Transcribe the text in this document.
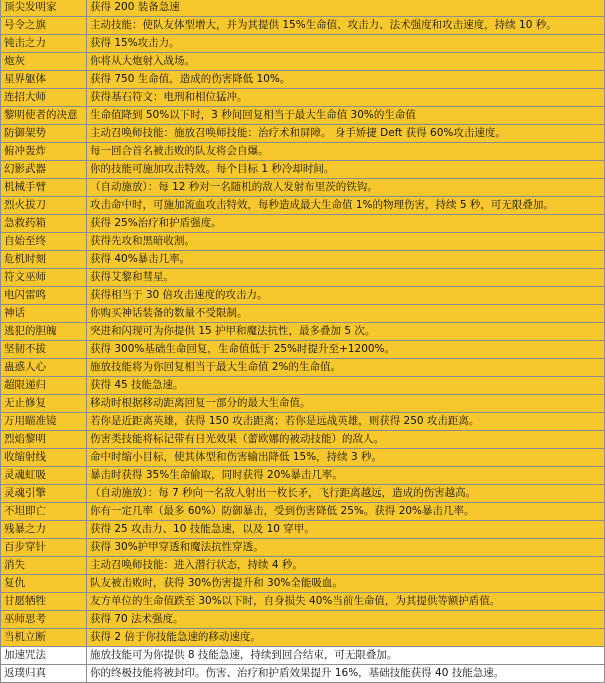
顶尖发明家	获得 200 装备急速
号令之旗	主动技能：使队友体型增大，并为其提供 15%生命值、攻击力、法术强度和攻击速度，持续 10 秒。
钝击之力	获得 15%攻击力。
炮灰	你将从大炮射入战场。
星界躯体	获得 750 生命值，造成的伤害降低 10%。
连招大师	获得基石符文：电刑和相位猛冲。
黎明使者的决意	生命值降到 50%以下时，3 秒间回复相当于最大生命值 30%的生命值
防御架势	主动召唤师技能：施放召唤师技能：治疗术和屏障。 身手矫捷 Deft 获得 60%攻击速度。
俯冲轰炸	每一回合首名被击败的队友将会自爆。
幻影武器	你的技能可施加攻击特效。每个目标 1 秒冷却时间。
机械手臂	（自动施放）：每 12 秒对一名随机的敌人发射布里茨的铁钩。
烈火拔刀	攻击命中时，可施加流血攻击特效，每秒造成最大生命值 1%的物理伤害，持续 5 秒，可无限叠加。
急救药箱	获得 25%治疗和护盾强度。
自始至终	获得先攻和黑暗收割。
危机时刻	获得 40%暴击几率。
符文巫师	获得艾黎和彗星。
电闪雷鸣	获得相当于 30 倍攻击速度的攻击力。
神话	你购买神话装备的数量不受限制。
逃犯的胆魄	突进和闪现可为你提供 15 护甲和魔法抗性，最多叠加 5 次。
坚韧不拔	获得 300%基础生命回复，生命值低于 25%时提升至+1200%。
蛊惑人心	施放技能将为你回复相当于最大生命值 2%的生命值。
超限递归	获得 45 技能急速。
无止修复	移动时根据移动距离回复一部分的最大生命值。
万用瞄准镜	若你是近距离英雄，获得 150 攻击距离；若你是远战英雄，则获得 250 攻击距离。
烈焰黎明	伤害类技能将标记带有日光效果（蕾欧娜的被动技能）的敌人。
收缩射线	命中时缩小目标，使其体型和伤害输出降低 15%，持续 3 秒。
灵魂虹吸	暴击时获得 35%生命偷取，同时获得 20%暴击几率。
灵魂引擎	（自动施放）：每 7 秒向一名敌人射出一枚长矛，飞行距离越远，造成的伤害越高。
不坦即亡	你有一定几率（最多 60%）防御暴击，受到伤害降低 25%。获得 20%暴击几率。
残暴之力	获得 25 攻击力、10 技能急速，以及 10 穿甲。
百步穿针	获得 30%护甲穿透和魔法抗性穿透。
消失	主动召唤师技能：进入潜行状态，持续 4 秒。
复仇	队友被击败时，获得 30%伤害提升和 30%全能吸血。
甘愿牺牲	友方单位的生命值跌至 30%以下时，自身损失 40%当前生命值，为其提供等额护盾值。
巫师思考	获得 70 法术强度。
当机立断	获得 2 倍于你技能急速的移动速度。
加速咒法	施放技能可为你提供 8 技能急速，持续到回合结束，可无限叠加。
返璞归真	你的终极技能将被封印。伤害、治疗和护盾效果提升 16%，基础技能获得 40 技能急速。
